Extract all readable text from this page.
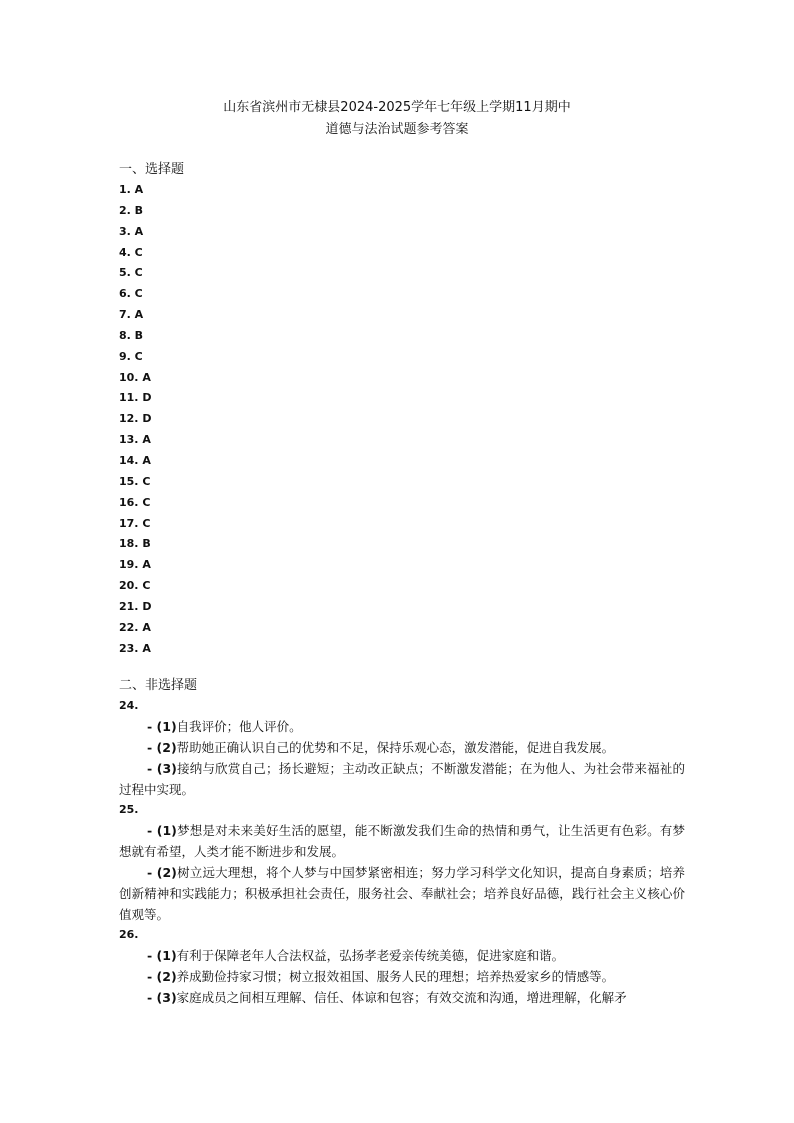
山东省滨州市无棣县2024-2025学年七年级上学期11月期中
道德与法治试题参考答案
一、选择题
1. A
2. B
3. A
4. C
5. C
6. C
7. A
8. B
9. C
10. A
11. D
12. D
13. A
14. A
15. C
16. C
17. C
18. B
19. A
20. C
21. D
22. A
23. A
二、非选择题
24.

- (1)自我评价；他人评价。

- (2)帮助她正确认识自己的优势和不足，保持乐观心态，激发潜能，促进自我发展。

- (3)接纳与欣赏自己；扬长避短；主动改正缺点；不断激发潜能；在为他人、为社会带来福祉的过程中实现。

25.

- (1)梦想是对未来美好生活的愿望，能不断激发我们生命的热情和勇气，让生活更有色彩。有梦想就有希望，人类才能不断进步和发展。

- (2)树立远大理想，将个人梦与中国梦紧密相连；努力学习科学文化知识，提高自身素质；培养创新精神和实践能力；积极承担社会责任，服务社会、奉献社会；培养良好品德，践行社会主义核心价值观等。

26.

- (1)有利于保障老年人合法权益，弘扬孝老爱亲传统美德，促进家庭和谐。

- (2)养成勤俭持家习惯；树立报效祖国、服务人民的理想；培养热爱家乡的情感等。

- (3)家庭成员之间相互理解、信任、体谅和包容；有效交流和沟通，增进理解，化解矛
